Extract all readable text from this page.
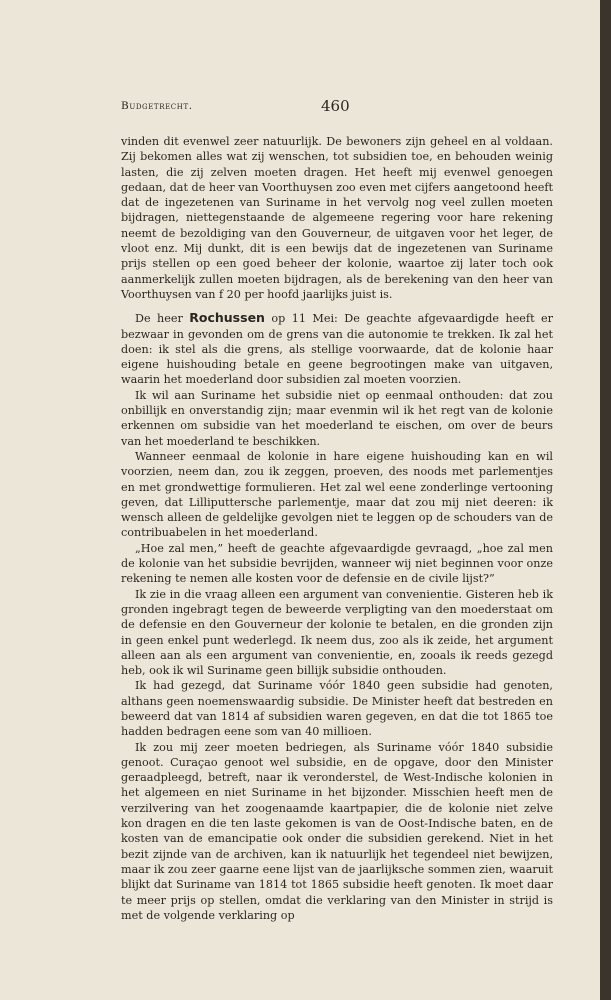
Budgetrecht.	460

vinden dit evenwel zeer natuurlijk. De bewoners zijn geheel en al voldaan. Zij bekomen alles wat zij wenschen, tot subsidien toe, en behouden weinig lasten, die zij zelven moeten dragen. Het heeft mij evenwel genoegen gedaan, dat de heer van Voorthuysen zoo even met cijfers aangetoond heeft dat de ingezetenen van Suriname in het vervolg nog veel zullen moeten bijdragen, niettegenstaande de algemeene regering voor hare rekening neemt de bezoldiging van den Gouverneur, de uitgaven voor het leger, de vloot enz. Mij dunkt, dit is een bewijs dat de ingezetenen van Suriname prijs stellen op een goed beheer der kolonie, waartoe zij later toch ook aanmerkelijk zullen moeten bijdragen, als de berekening van den heer van Voorthuysen van f 20 per hoofd jaarlijks juist is.

De heer Rochussen op 11 Mei: De geachte afgevaardigde heeft er bezwaar in gevonden om de grens van die autonomie te trekken. Ik zal het doen: ik stel als die grens, als stellige voorwaarde, dat de kolonie haar eigene huishouding betale en geene begrootingen make van uitgaven, waarin het moederland door subsidien zal moeten voorzien.

Ik wil aan Suriname het subsidie niet op eenmaal onthouden: dat zou onbillijk en onverstandig zijn; maar evenmin wil ik het regt van de kolonie erkennen om subsidie van het moederland te eischen, om over de beurs van het moederland te beschikken.

Wanneer eenmaal de kolonie in hare eigene huishouding kan en wil voorzien, neem dan, zou ik zeggen, proeven, des noods met parlementjes en met grondwettige formulieren. Het zal wel eene zonderlinge vertooning geven, dat Lilliputtersche parlementje, maar dat zou mij niet deeren: ik wensch alleen de geldelijke gevolgen niet te leggen op de schouders van de contribuabelen in het moederland.

„Hoe zal men,” heeft de geachte afgevaardigde gevraagd, „hoe zal men de kolonie van het subsidie bevrijden, wanneer wij niet beginnen voor onze rekening te nemen alle kosten voor de defensie en de civile lijst?”

Ik zie in die vraag alleen een argument van convenientie. Gisteren heb ik gronden ingebragt tegen de beweerde verpligting van den moederstaat om de defensie en den Gouverneur der kolonie te betalen, en die gronden zijn in geen enkel punt wederlegd. Ik neem dus, zoo als ik zeide, het argument alleen aan als een argument van convenientie, en, zooals ik reeds gezegd heb, ook ik wil Suriname geen billijk subsidie onthouden.

Ik had gezegd, dat Suriname vóór 1840 geen subsidie had genoten, althans geen noemenswaardig subsidie. De Minister heeft dat bestreden en beweerd dat van 1814 af subsidien waren gegeven, en dat die tot 1865 toe hadden bedragen eene som van 40 millioen.

Ik zou mij zeer moeten bedriegen, als Suriname vóór 1840 subsidie genoot. Curaçao genoot wel subsidie, en de opgave, door den Minister geraadpleegd, betreft, naar ik veronderstel, de West-Indische kolonien in het algemeen en niet Suriname in het bijzonder. Misschien heeft men de verzilvering van het zoogenaamde kaartpapier, die de kolonie niet zelve kon dragen en die ten laste gekomen is van de Oost-Indische baten, en de kosten van de emancipatie ook onder die subsidien gerekend. Niet in het bezit zijnde van de archiven, kan ik natuurlijk het tegendeel niet bewijzen, maar ik zou zeer gaarne eene lijst van de jaarlijksche sommen zien, waaruit blijkt dat Suriname van 1814 tot 1865 subsidie heeft genoten. Ik moet daar te meer prijs op stellen, omdat die verklaring van den Minister in strijd is met de volgende verklaring op
